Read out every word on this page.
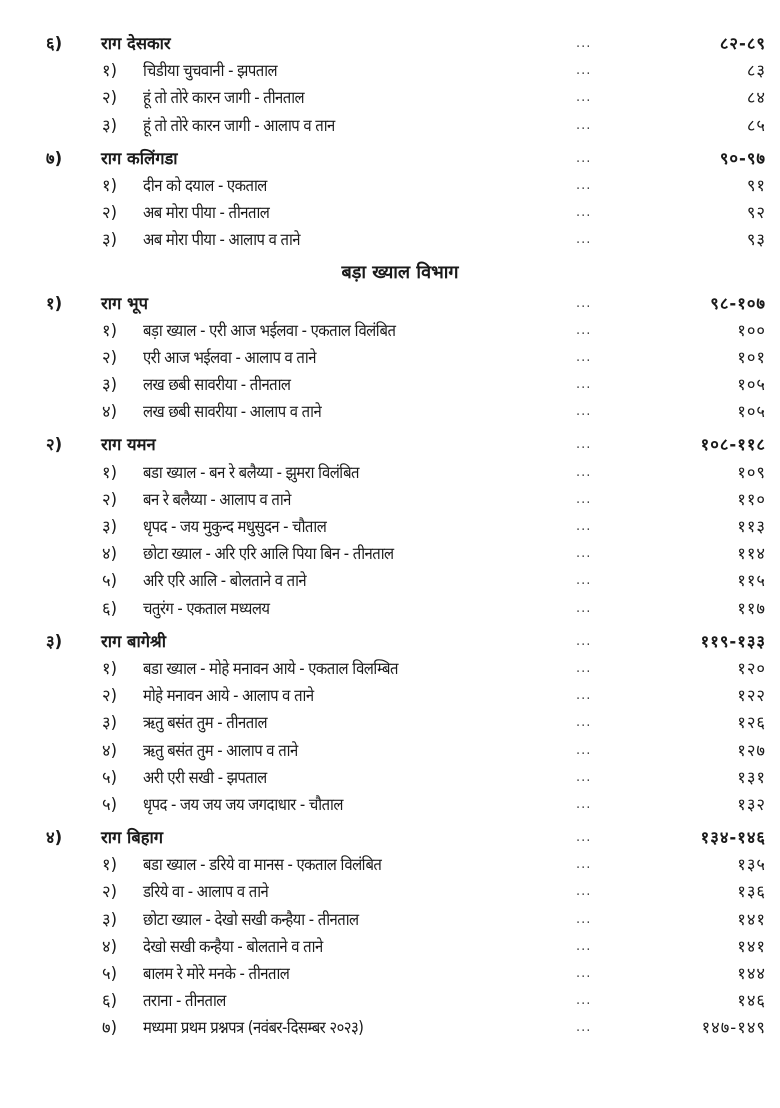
६) राग देसकार	...	८२-८९
१) चिडीया चुचवानी - झपताल	...	८३
२) हूं तो तोरे कारन जागी - तीनताल	...	८४
३) हूं तो तोरे कारन जागी - आलाप व तान	...	८५
७) राग कलिंगडा	...	९०-९७
१) दीन को दयाल - एकताल	...	९१
२) अब मोरा पीया - तीनताल	...	९२
३) अब मोरा पीया - आलाप व ताने	...	९३
बड़ा ख्याल विभाग
१) राग भूप	...	९८-१०७
१) बड़ा ख्याल - एरी आज भईलवा - एकताल विलंबित	...	१००
२) एरी आज भईलवा - आलाप व ताने	...	१०१
३) लख छबी सावरीया - तीनताल	...	१०५
४) लख छबी सावरीया - आलाप व ताने	...	१०५
२) राग यमन	...	१०८-११८
१) बडा ख्याल - बन रे बलैय्या - झुमरा विलंबित	...	१०९
२) बन रे बलैय्या - आलाप व ताने	...	११०
३) धृपद - जय मुकुन्द मधुसुदन - चौताल	...	११३
४) छोटा ख्याल - अरि एरि आलि पिया बिन - तीनताल	...	११४
५) अरि एरि आलि - बोलताने व ताने	...	११५
६) चतुरंग - एकताल मध्यलय	...	११७
३) राग बागेश्री	...	११९-१३३
१) बडा ख्याल - मोहे मनावन आये - एकताल विलम्बित	...	१२०
२) मोहे मनावन आये - आलाप व ताने	...	१२२
३) ऋतु बसंत तुम - तीनताल	...	१२६
४) ऋतु बसंत तुम - आलाप व ताने	...	१२७
५) अरी एरी सखी - झपताल	...	१३१
५) धृपद - जय जय जय जगदाधार - चौताल	...	१३२
४) राग बिहाग	...	१३४-१४६
१) बडा ख्याल - डरिये वा मानस - एकताल विलंबित	...	१३५
२) डरिये वा - आलाप व ताने	...	१३६
३) छोटा ख्याल - देखो सखी कन्हैया - तीनताल	...	१४१
४) देखो सखी कन्हैया - बोलताने व ताने	...	१४१
५) बालम रे मोरे मनके - तीनताल	...	१४४
६) तराना - तीनताल	...	१४६
७) मध्यमा प्रथम प्रश्नपत्र (नवंबर-दिसम्बर २०२३)	...	१४७-१४९
